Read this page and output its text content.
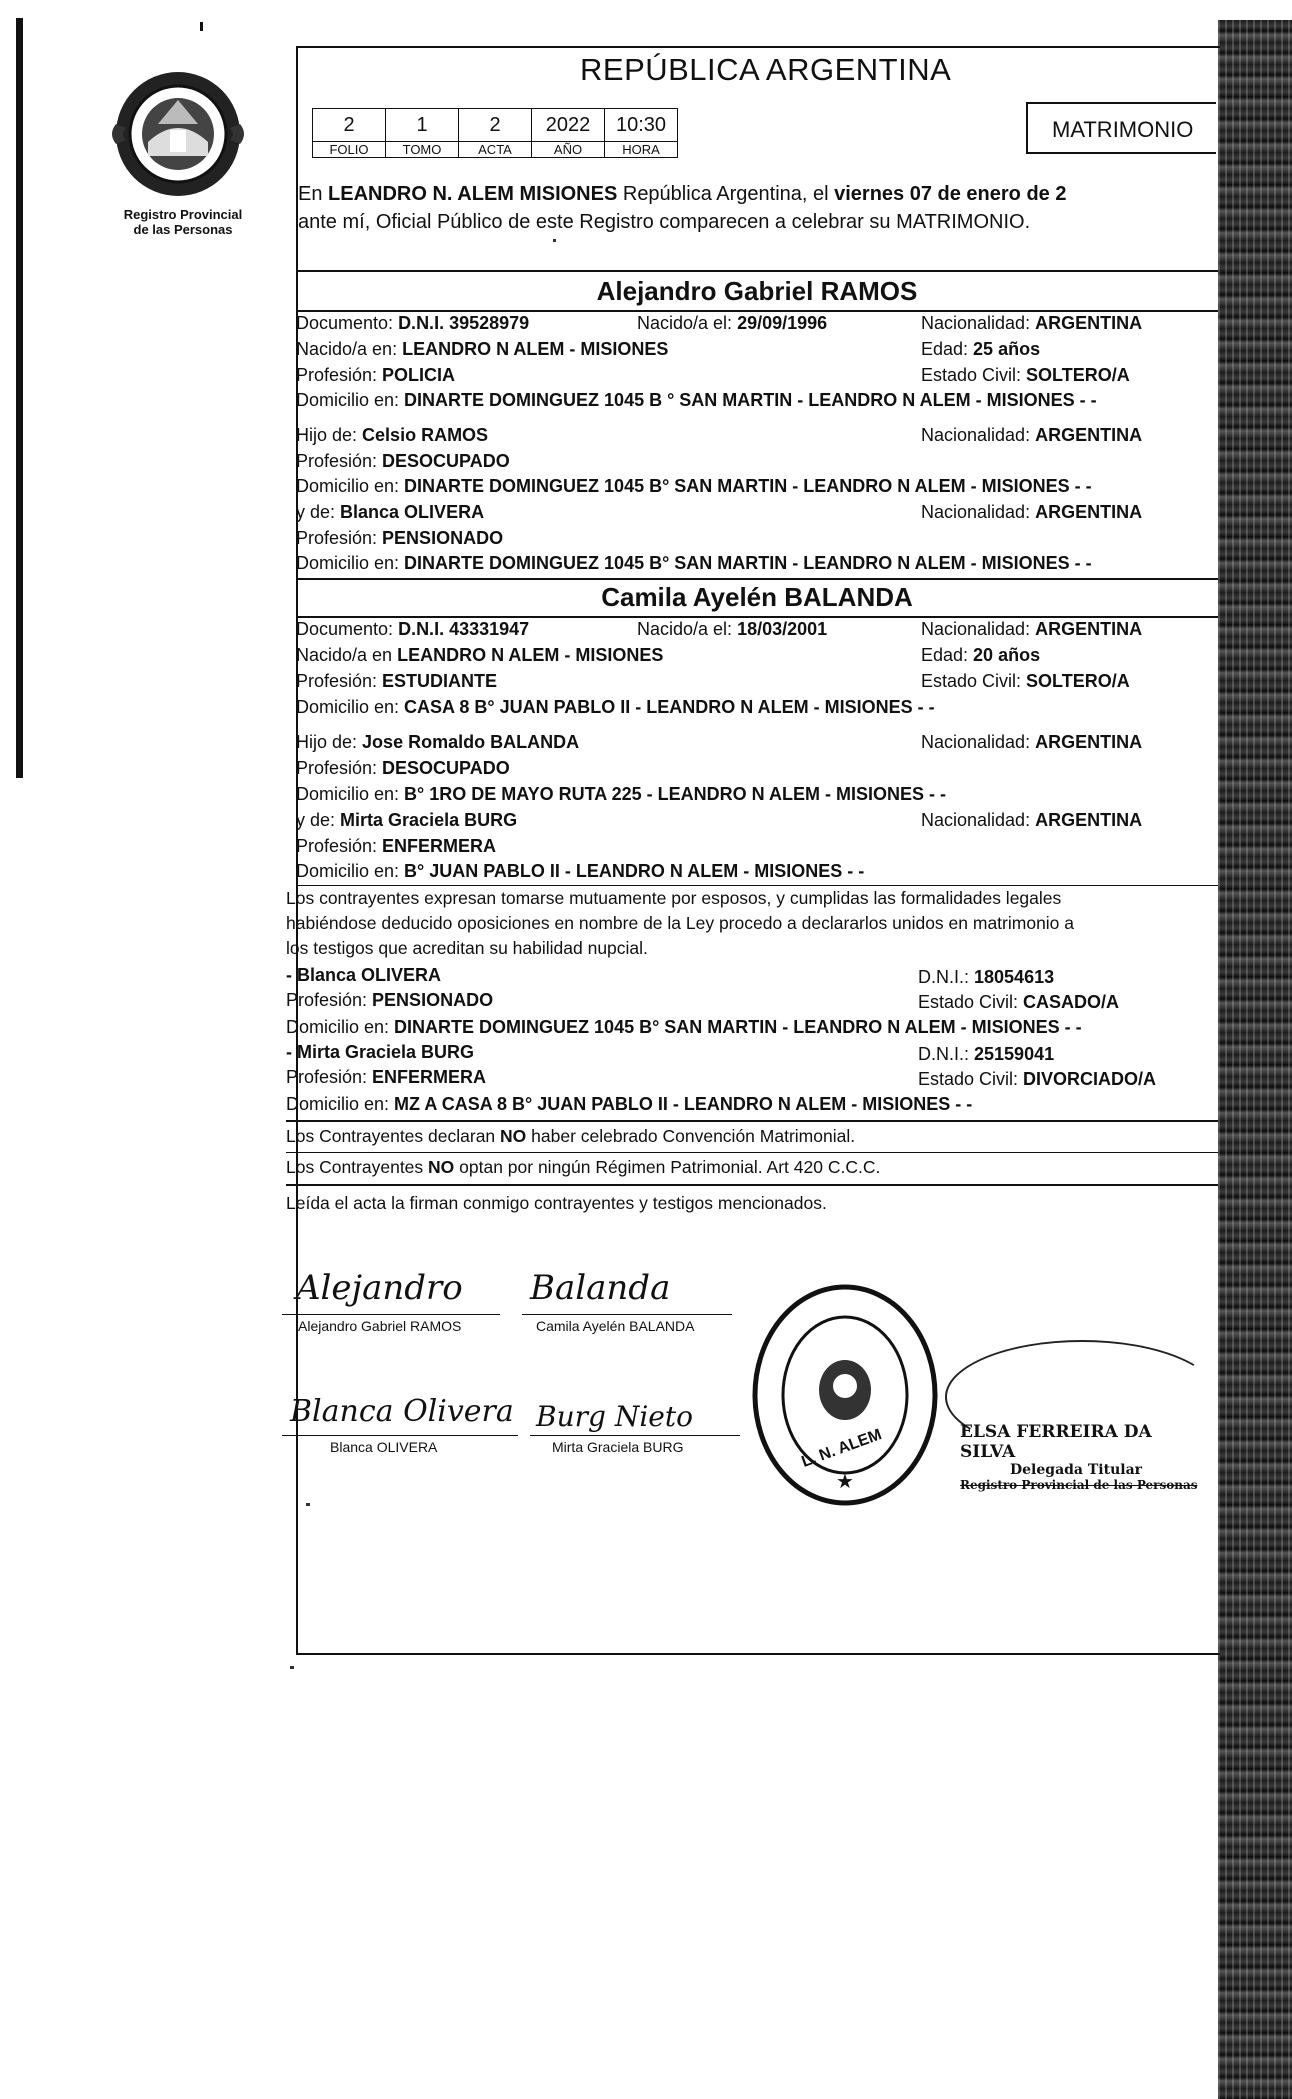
Registro Provincial
de las Personas
REPÚBLICA ARGENTINA
2	1	2	2022	10:30
FOLIO	TOMO	ACTA	AÑO	HORA
MATRIMONIO
En LEANDRO N. ALEM MISIONES República Argentina, el viernes 07 de enero de 2
ante mí, Oficial Público de este Registro comparecen a celebrar su MATRIMONIO.
Alejandro Gabriel RAMOS
Documento: D.N.I. 39528979	Nacido/a el: 29/09/1996	Nacionalidad: ARGENTINA
Nacido/a en: LEANDRO N ALEM - MISIONES	Edad: 25 años
Profesión: POLICIA	Estado Civil: SOLTERO/A
Domicilio en: DINARTE DOMINGUEZ 1045 B ° SAN MARTIN - LEANDRO N ALEM - MISIONES - -
Hijo de: Celsio RAMOS	Nacionalidad: ARGENTINA
Profesión: DESOCUPADO
Domicilio en: DINARTE DOMINGUEZ 1045 B° SAN MARTIN - LEANDRO N ALEM - MISIONES - -
y de: Blanca OLIVERA	Nacionalidad: ARGENTINA
Profesión: PENSIONADO
Domicilio en: DINARTE DOMINGUEZ 1045 B° SAN MARTIN - LEANDRO N ALEM - MISIONES - -
Camila Ayelén BALANDA
Documento: D.N.I. 43331947	Nacido/a el: 18/03/2001	Nacionalidad: ARGENTINA
Nacido/a en LEANDRO N ALEM - MISIONES	Edad: 20 años
Profesión: ESTUDIANTE	Estado Civil: SOLTERO/A
Domicilio en: CASA 8 B° JUAN PABLO II - LEANDRO N ALEM - MISIONES - -
Hijo de: Jose Romaldo BALANDA	Nacionalidad: ARGENTINA
Profesión: DESOCUPADO
Domicilio en: B° 1RO DE MAYO RUTA 225 - LEANDRO N ALEM - MISIONES - -
y de: Mirta Graciela BURG	Nacionalidad: ARGENTINA
Profesión: ENFERMERA
Domicilio en: B° JUAN PABLO II - LEANDRO N ALEM - MISIONES - -
Los contrayentes expresan tomarse mutuamente por esposos, y cumplidas las formalidades legales
habiéndose deducido oposiciones en nombre de la Ley procedo a declararlos unidos en matrimonio a
los testigos que acreditan su habilidad nupcial.
- Blanca OLIVERA	D.N.I.: 18054613
Profesión: PENSIONADO	Estado Civil: CASADO/A
Domicilio en: DINARTE DOMINGUEZ 1045 B° SAN MARTIN - LEANDRO N ALEM - MISIONES - -
- Mirta Graciela BURG	D.N.I.: 25159041
Profesión: ENFERMERA	Estado Civil: DIVORCIADO/A
Domicilio en: MZ A CASA 8 B° JUAN PABLO II - LEANDRO N ALEM - MISIONES - -
Los Contrayentes declaran NO haber celebrado Convención Matrimonial.
Los Contrayentes NO optan por ningún Régimen Patrimonial. Art 420 C.C.C.
Leída el acta la firman conmigo contrayentes y testigos mencionados.
Alejandro
Alejandro Gabriel RAMOS
Balanda
Camila Ayelén BALANDA
Blanca Olivera
Blanca OLIVERA
Burg Nieto
Mirta Graciela BURG
★
L. N. ALEM	ELSA FERREIRA DA SILVA
Delegada Titular
Registro Provincial de las Personas
